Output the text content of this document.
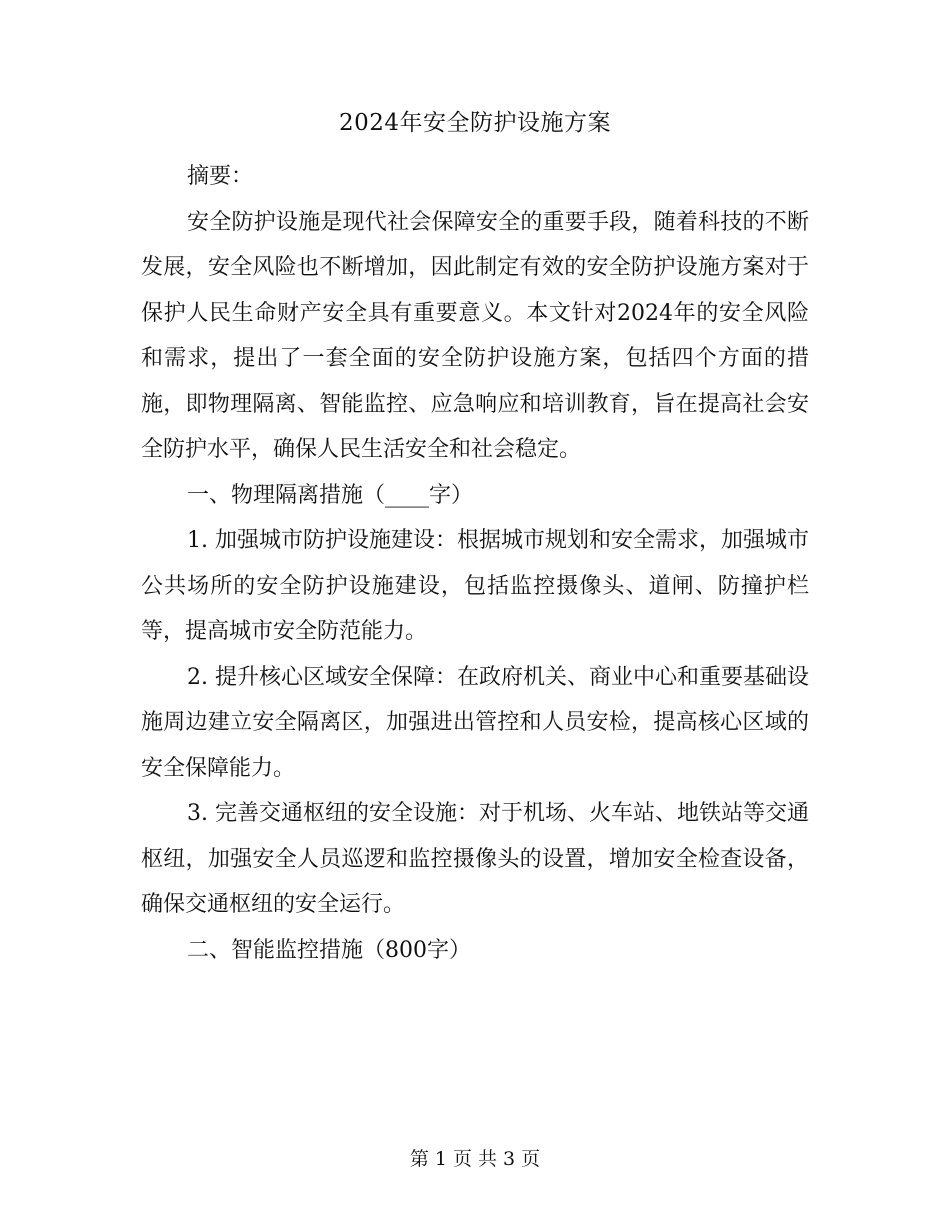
2024年安全防护设施方案

摘要：

安全防护设施是现代社会保障安全的重要手段，随着科技的不断发展，安全风险也不断增加，因此制定有效的安全防护设施方案对于保护人民生命财产安全具有重要意义。本文针对2024年的安全风险和需求，提出了一套全面的安全防护设施方案，包括四个方面的措施，即物理隔离、智能监控、应急响应和培训教育，旨在提高社会安全防护水平，确保人民生活安全和社会稳定。

一、物理隔离措施（____字）

1. 加强城市防护设施建设：根据城市规划和安全需求，加强城市公共场所的安全防护设施建设，包括监控摄像头、道闸、防撞护栏等，提高城市安全防范能力。

2. 提升核心区域安全保障：在政府机关、商业中心和重要基础设施周边建立安全隔离区，加强进出管控和人员安检，提高核心区域的安全保障能力。

3. 完善交通枢纽的安全设施：对于机场、火车站、地铁站等交通枢纽，加强安全人员巡逻和监控摄像头的设置，增加安全检查设备，确保交通枢纽的安全运行。

二、智能监控措施（800字）

第 1 页 共 3 页
